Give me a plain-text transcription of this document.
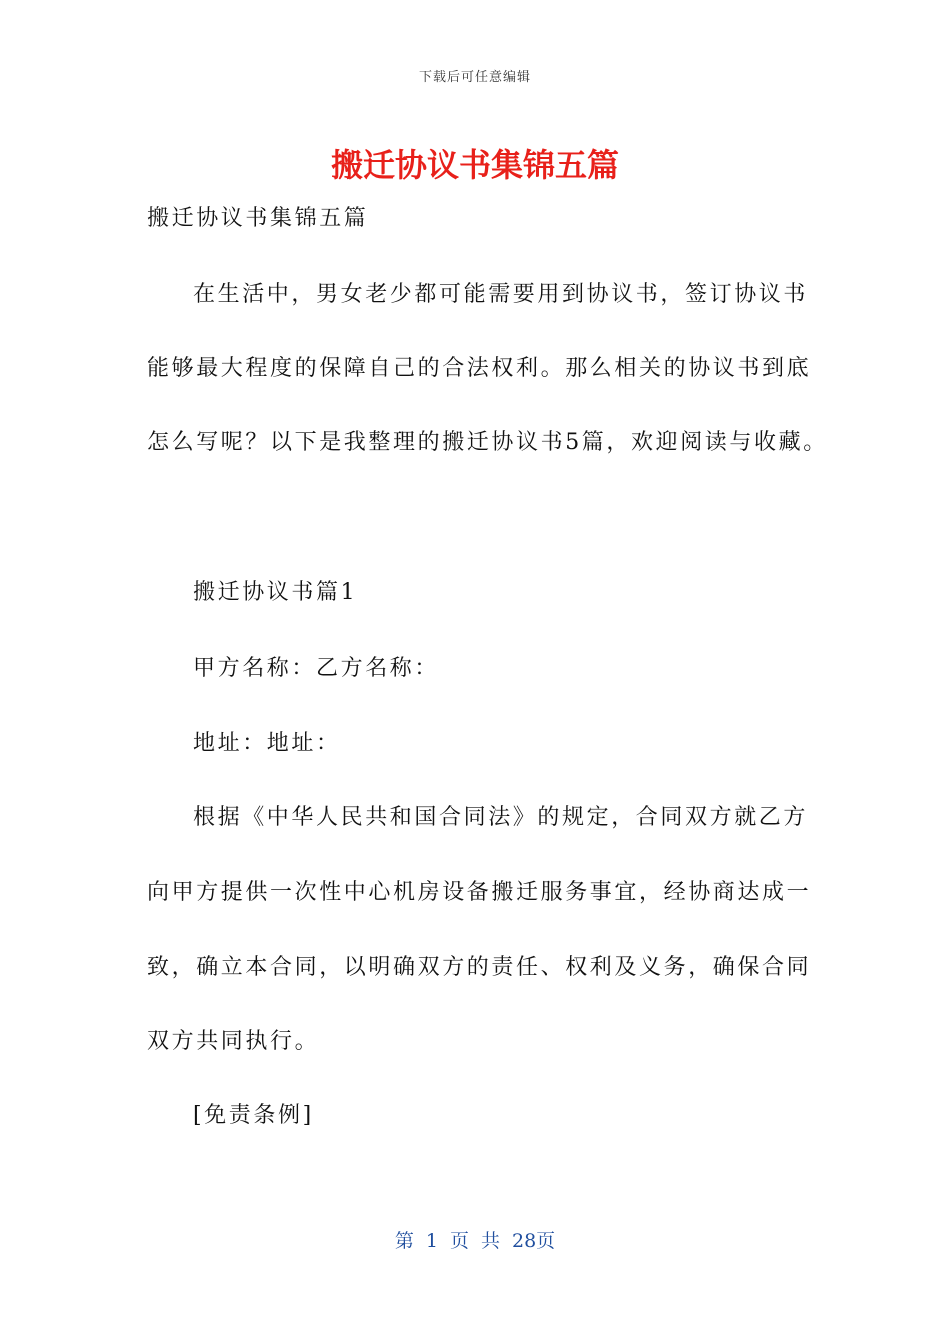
下载后可任意编辑
搬迁协议书集锦五篇
搬迁协议书集锦五篇
在生活中，男女老少都可能需要用到协议书，签订协议书
能够最大程度的保障自己的合法权利。那么相关的协议书到底
怎么写呢？以下是我整理的搬迁协议书5篇，欢迎阅读与收藏。
搬迁协议书篇1
甲方名称：乙方名称：
地址：地址：
根据《中华人民共和国合同法》的规定，合同双方就乙方
向甲方提供一次性中心机房设备搬迁服务事宜，经协商达成一
致，确立本合同，以明确双方的责任、权利及义务，确保合同
双方共同执行。
[免责条例]
第 1 页 共 28页
